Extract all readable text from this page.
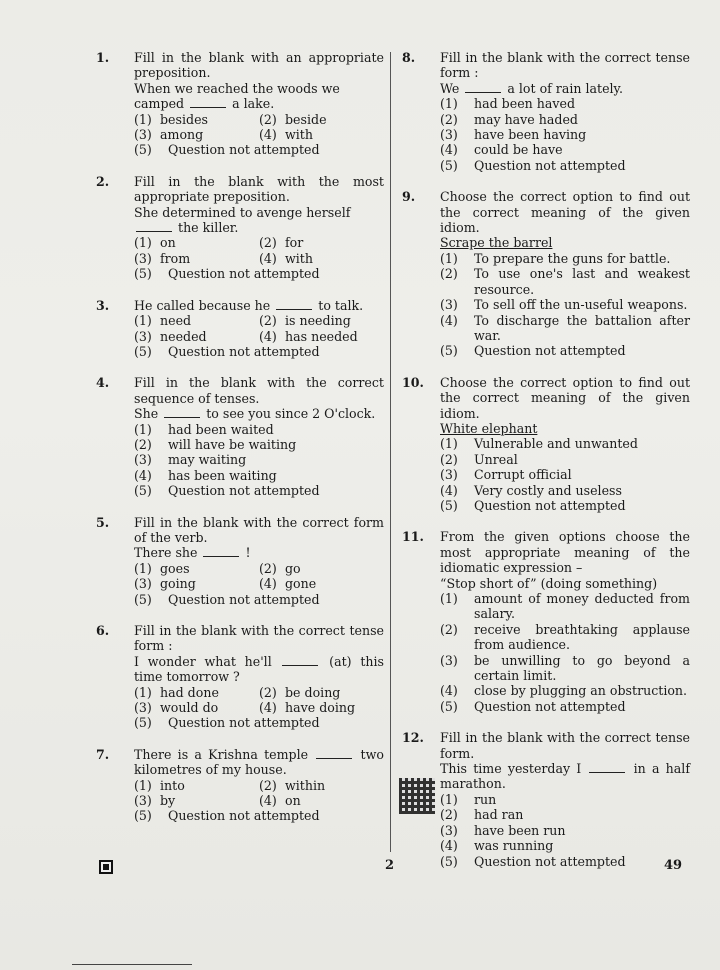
1. Fill in the blank with an appropriate preposition.
When we reached the woods we
camped	a lake.
(1) besides	(2) beside
(3) among	(4) with
(5) Question not attempted
2. Fill in the blank with the most appropriate preposition.
She determined to avenge herself
the killer.
(1) on	(2) for
(3) from	(4) with
(5) Question not attempted
3. He called because he	to talk.
(1) need	(2) is needing
(3) needed	(4) has needed
(5) Question not attempted
4. Fill in the blank with the correct sequence of tenses.
She	to see you since 2 O'clock.
(1) had been waited
(2) will have be waiting
(3) may waiting
(4) has been waiting
(5) Question not attempted
5. Fill in the blank with the correct form of the verb.
There she	!
(1) goes	(2) go
(3) going	(4) gone
(5) Question not attempted
6. Fill in the blank with the correct tense form :
I wonder what he'll	(at) this time tomorrow ?
(1) had done	(2) be doing
(3) would do	(4) have doing
(5) Question not attempted
7. There is a Krishna temple	two kilometres of my house.
(1) into	(2) within
(3) by	(4) on
(5) Question not attempted
8. Fill in the blank with the correct tense form :
We	a lot of rain lately.
(1) had been haved
(2) may have haded
(3) have been having
(4) could be have
(5) Question not attempted
9. Choose the correct option to find out the correct meaning of the given idiom.
Scrape the barrel
(1) To prepare the guns for battle.
(2) To use one's last and weakest resource.
(3) To sell off the un-useful weapons.
(4) To discharge the battalion after war.
(5) Question not attempted
10. Choose the correct option to find out the correct meaning of the given idiom.
White elephant
(1) Vulnerable and unwanted
(2) Unreal
(3) Corrupt official
(4) Very costly and useless
(5) Question not attempted
11. From the given options choose the most appropriate meaning of the idiomatic expression –
“Stop short of” (doing something)
(1) amount of money deducted from salary.
(2) receive breathtaking applause from audience.
(3) be unwilling to go beyond a certain limit.
(4) close by plugging an obstruction.
(5) Question not attempted
12. Fill in the blank with the correct tense form.
This time yesterday I	in a half marathon.
(1) run
(2) had ran
(3) have been run
(4) was running
(5) Question not attempted
2	49
